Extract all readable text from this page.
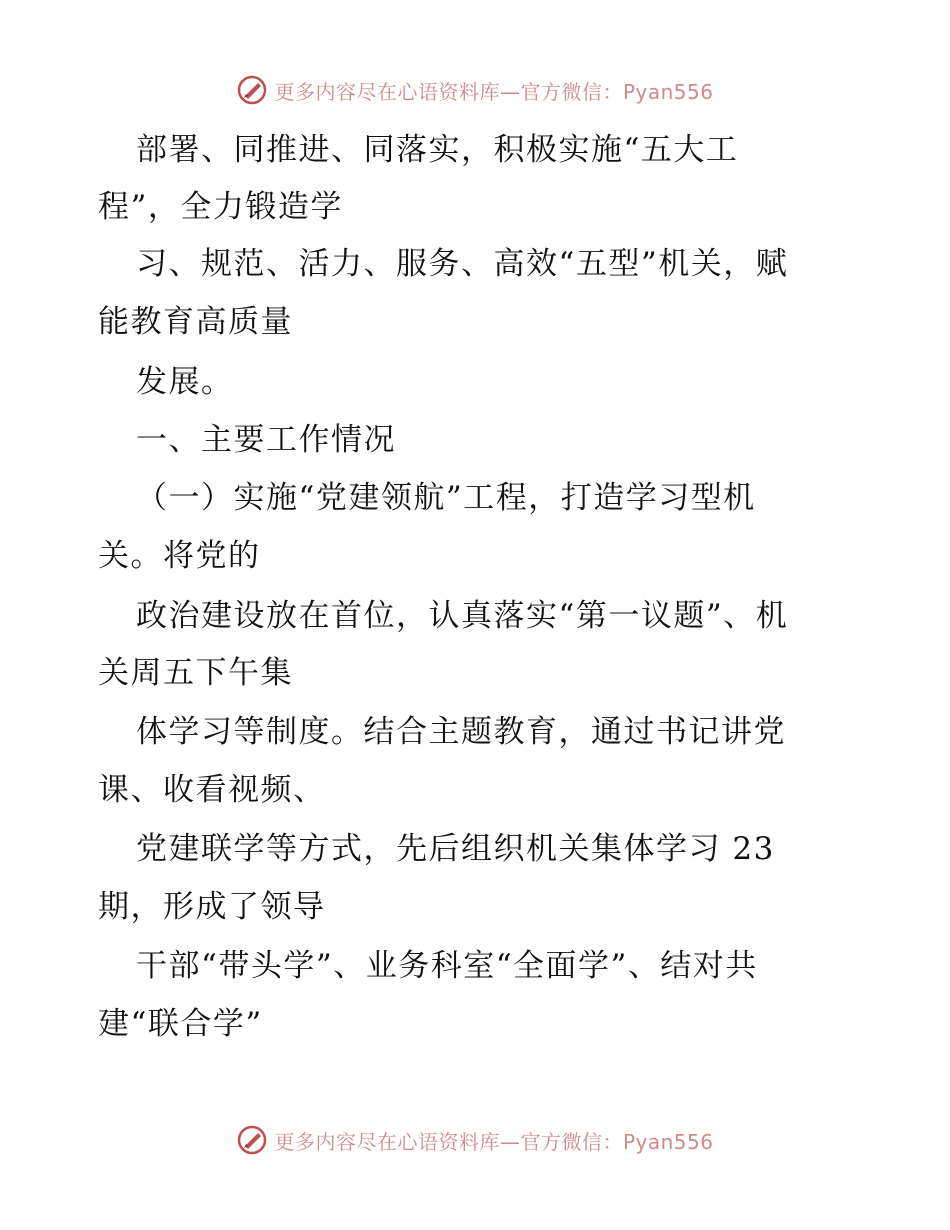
更多内容尽在心语资料库—官方微信：Pyan556
部署、同推进、同落实，积极实施“五大工
程”，全力锻造学
习、规范、活力、服务、高效“五型”机关，赋
能教育高质量
发展。
一、主要工作情况
（一）实施“党建领航”工程，打造学习型机
关。将党的
政治建设放在首位，认真落实“第一议题”、机
关周五下午集
体学习等制度。结合主题教育，通过书记讲党
课、收看视频、
党建联学等方式，先后组织机关集体学习 23
期，形成了领导
干部“带头学”、业务科室“全面学”、结对共
建“联合学”
更多内容尽在心语资料库—官方微信：Pyan556
